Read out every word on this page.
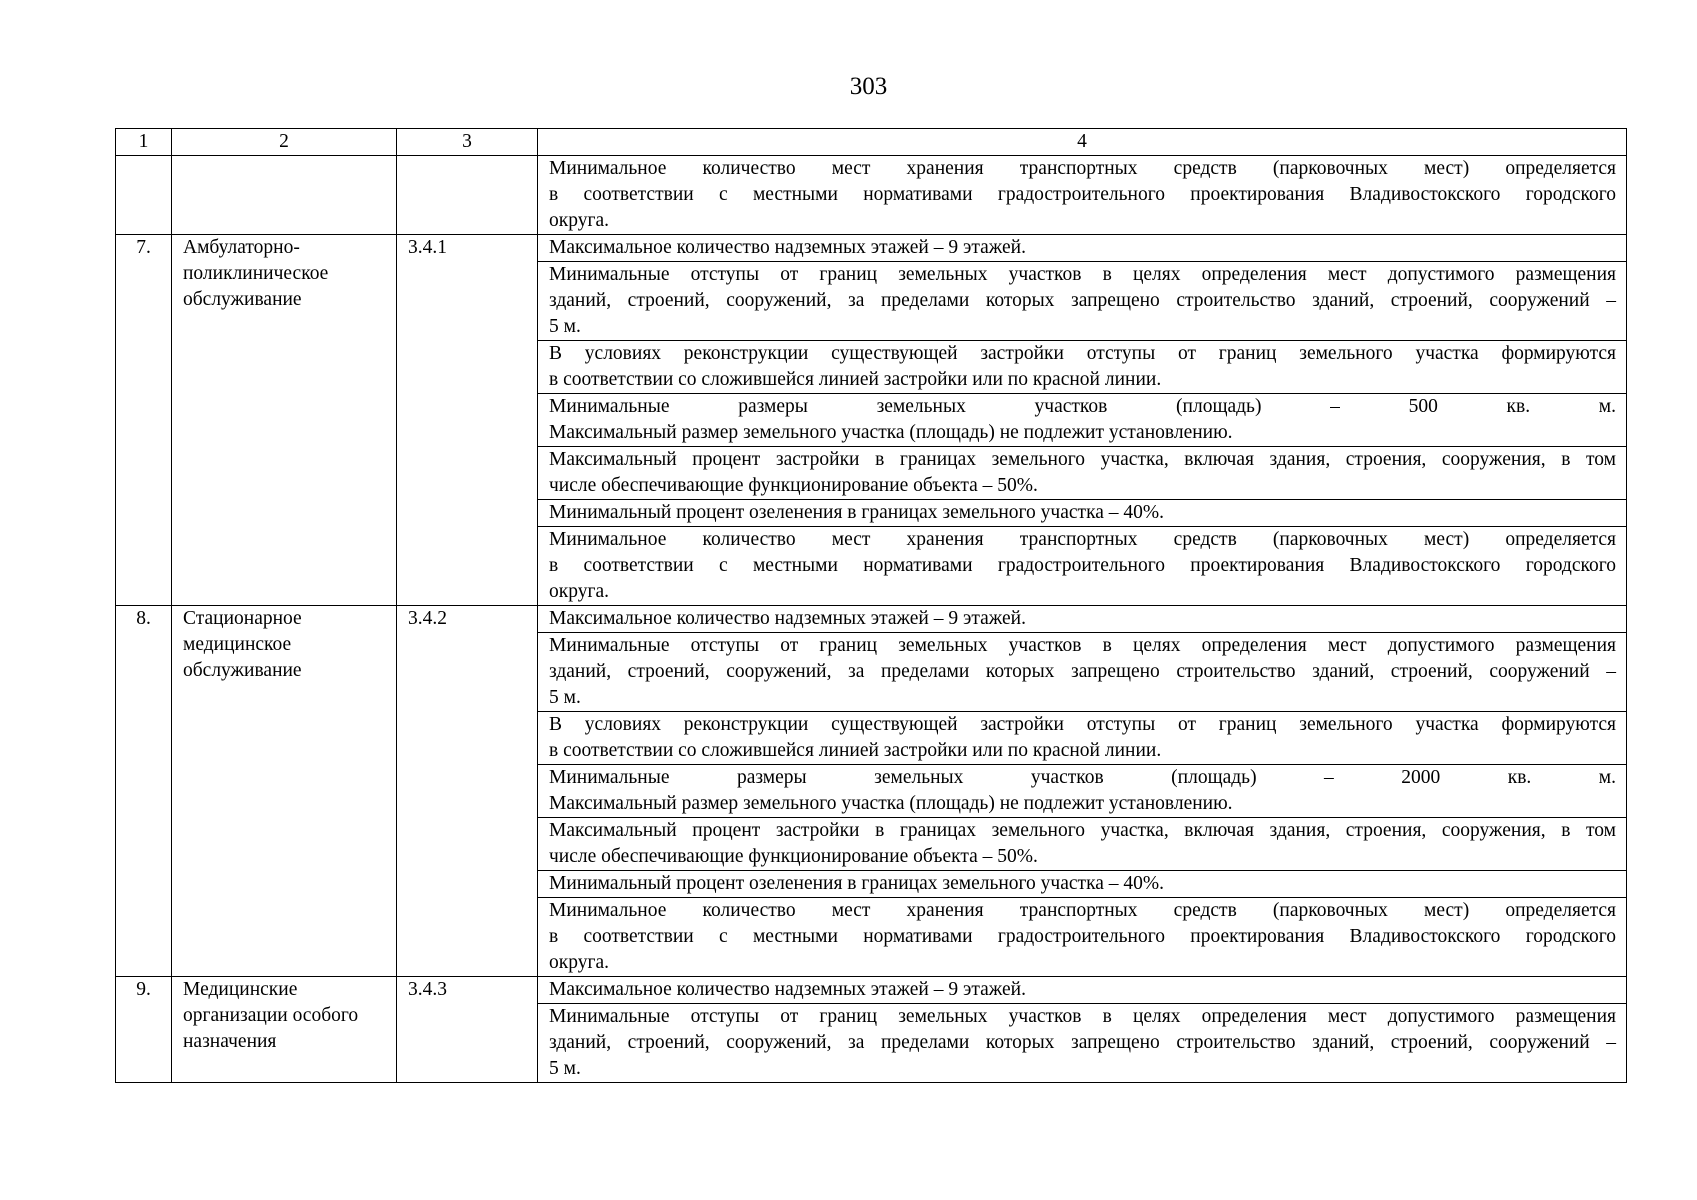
303
1	2	3	4

			Минимальное количество мест хранения транспортных средств (парковочных мест) определяется
в соответствии с местными нормативами градостроительного проектирования Владивостокского городского
округа.

7.	Амбулаторно-поликлиническое обслуживание	3.4.1	Максимальное количество надземных этажей – 9 этажей.

			Минимальные отступы от границ земельных участков в целях определения мест допустимого размещения
зданий, строений, сооружений, за пределами которых запрещено строительство зданий, строений, сооружений –
5 м.

			В условиях реконструкции существующей застройки отступы от границ земельного участка формируются
в соответствии со сложившейся линией застройки или по красной линии.

			Минимальные размеры земельных участков (площадь) – 500 кв. м.
Максимальный размер земельного участка (площадь) не подлежит установлению.

			Максимальный процент застройки в границах земельного участка, включая здания, строения, сооружения, в том
числе обеспечивающие функционирование объекта – 50%.

			Минимальный процент озеленения в границах земельного участка – 40%.

			Минимальное количество мест хранения транспортных средств (парковочных мест) определяется
в соответствии с местными нормативами градостроительного проектирования Владивостокского городского
округа.

8.	Стационарное медицинское обслуживание	3.4.2	Максимальное количество надземных этажей – 9 этажей.

			Минимальные отступы от границ земельных участков в целях определения мест допустимого размещения
зданий, строений, сооружений, за пределами которых запрещено строительство зданий, строений, сооружений –
5 м.

			В условиях реконструкции существующей застройки отступы от границ земельного участка формируются
в соответствии со сложившейся линией застройки или по красной линии.

			Минимальные размеры земельных участков (площадь) – 2000 кв. м.
Максимальный размер земельного участка (площадь) не подлежит установлению.

			Максимальный процент застройки в границах земельного участка, включая здания, строения, сооружения, в том
числе обеспечивающие функционирование объекта – 50%.

			Минимальный процент озеленения в границах земельного участка – 40%.

			Минимальное количество мест хранения транспортных средств (парковочных мест) определяется
в соответствии с местными нормативами градостроительного проектирования Владивостокского городского
округа.

9.	Медицинские организации особого назначения	3.4.3	Максимальное количество надземных этажей – 9 этажей.

			Минимальные отступы от границ земельных участков в целях определения мест допустимого размещения
зданий, строений, сооружений, за пределами которых запрещено строительство зданий, строений, сооружений –
5 м.
